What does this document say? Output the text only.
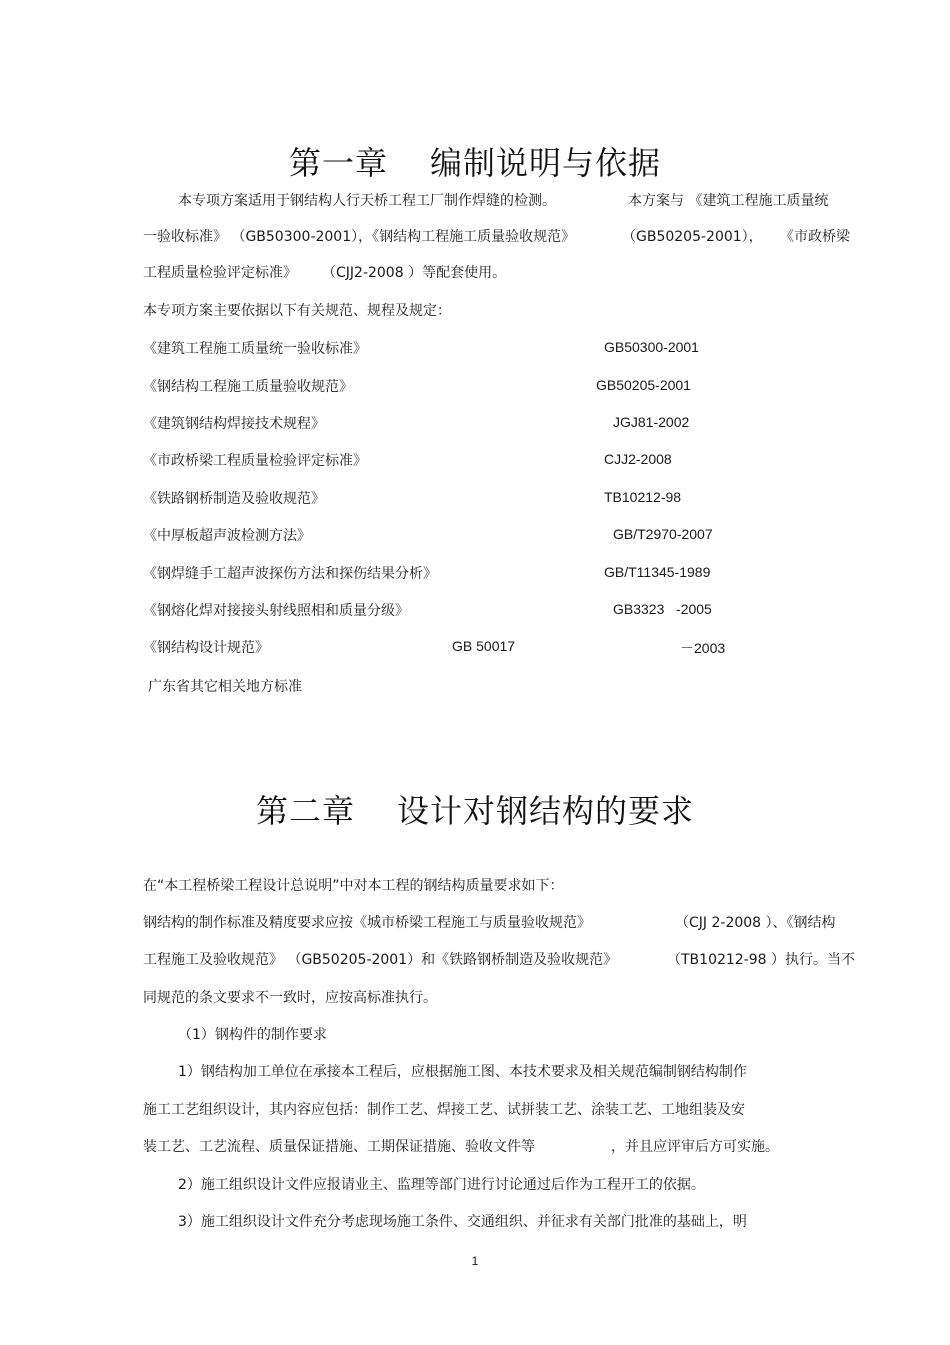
第一章 编制说明与依据
本专项方案适用于钢结构人行天桥工程工厂制作焊缝的检测。	本方案与 《建筑工程施工质量统
一验收标准》 （GB50300-2001），《钢结构工程施工质量验收规范》	（GB50205-2001）， 《市政桥梁
工程质量检验评定标准》 （CJJ2-2008 ）等配套使用。
本专项方案主要依据以下有关规范、规程及规定：
《建筑工程施工质量统一验收标准》	GB50300-2001
《钢结构工程施工质量验收规范》	GB50205-2001
《建筑钢结构焊接技术规程》	JGJ81-2002
《市政桥梁工程质量检验评定标准》	CJJ2-2008
《铁路钢桥制造及验收规范》	TB10212-98
《中厚板超声波检测方法》	GB/T2970-2007
《钢焊缝手工超声波探伤方法和探伤结果分析》	GB/T11345-1989
《钢熔化焊对接接头射线照相和质量分级》	GB3323   -2005
《钢结构设计规范》	GB 50017	－2003
广东省其它相关地方标准
第二章 设计对钢结构的要求
在“本工程桥梁工程设计总说明”中对本工程的钢结构质量要求如下：
钢结构的制作标准及精度要求应按《城市桥梁工程施工与质量验收规范》	（CJJ 2-2008 ）、《钢结构
工程施工及验收规范》 （GB50205-2001）和《铁路钢桥制造及验收规范》	（TB10212-98 ）执行。当不
同规范的条文要求不一致时，应按高标准执行。
（1）钢构件的制作要求
1）钢结构加工单位在承接本工程后，应根据施工图、本技术要求及相关规范编制钢结构制作
施工工艺组织设计，其内容应包括：制作工艺、焊接工艺、试拼装工艺、涂装工艺、工地组装及安
装工艺、工艺流程、质量保证措施、工期保证措施、验收文件等	，并且应评审后方可实施。
2）施工组织设计文件应报请业主、监理等部门进行讨论通过后作为工程开工的依据。
3）施工组织设计文件充分考虑现场施工条件、交通组织、并征求有关部门批准的基础上，明
1
